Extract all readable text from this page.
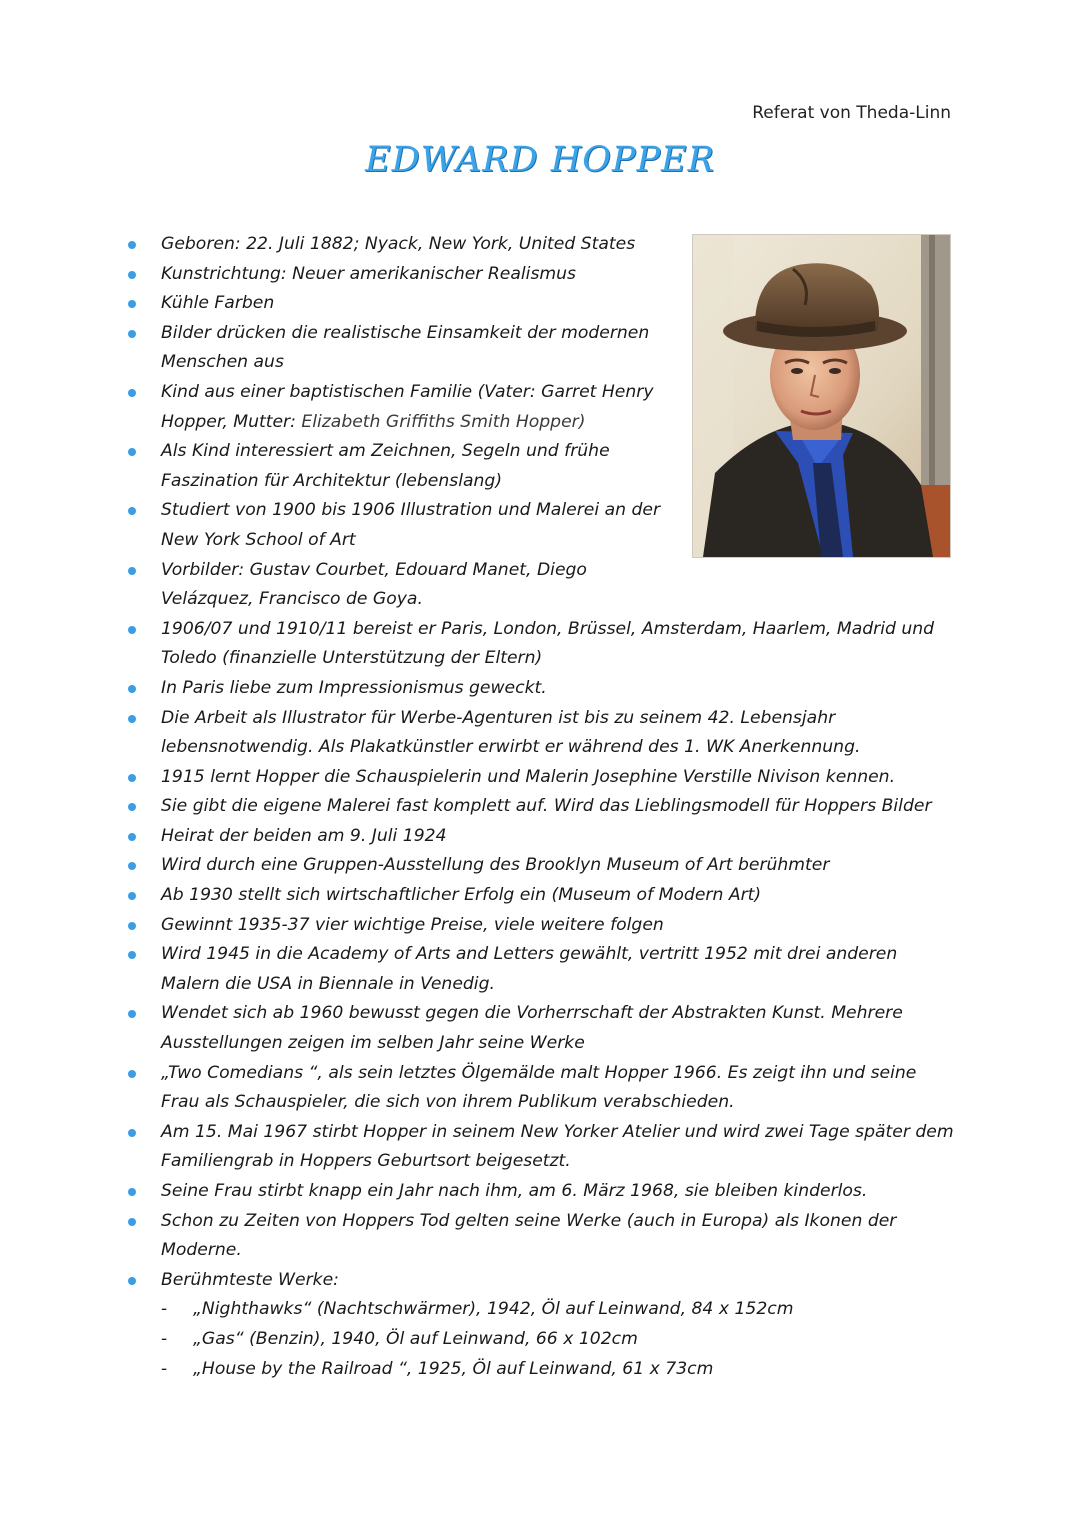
Referat von Theda-Linn

EDWARD HOPPER
Geboren: 22. Juli 1882; Nyack, New York, United States
Kunstrichtung: Neuer amerikanischer Realismus
Kühle Farben
Bilder drücken die realistische Einsamkeit der modernen Menschen aus
Kind aus einer baptistischen Familie (Vater: Garret Henry Hopper, Mutter: Elizabeth Griffiths Smith Hopper)
Als Kind interessiert am Zeichnen, Segeln und frühe Faszination für Architektur (lebenslang)
Studiert von 1900 bis 1906 Illustration und Malerei an der New York School of Art
Vorbilder: Gustav Courbet, Edouard Manet, Diego Velázquez, Francisco de Goya.
1906/07 und 1910/11 bereist er Paris, London, Brüssel, Amsterdam, Haarlem, Madrid und Toledo (finanzielle Unterstützung der Eltern)
In Paris liebe zum Impressionismus geweckt.
Die Arbeit als Illustrator für Werbe-Agenturen ist bis zu seinem 42. Lebensjahr lebensnotwendig. Als Plakatkünstler erwirbt er während des 1. WK Anerkennung.
1915 lernt Hopper die Schauspielerin und Malerin Josephine Verstille Nivison kennen.
Sie gibt die eigene Malerei fast komplett auf. Wird das Lieblingsmodell für Hoppers Bilder
Heirat der beiden am 9. Juli 1924
Wird durch eine Gruppen-Ausstellung des Brooklyn Museum of Art berühmter
Ab 1930 stellt sich wirtschaftlicher Erfolg ein (Museum of Modern Art)
Gewinnt 1935-37 vier wichtige Preise, viele weitere folgen
Wird 1945 in die Academy of Arts and Letters gewählt, vertritt 1952 mit drei anderen Malern die USA in Biennale in Venedig.
Wendet sich ab 1960 bewusst gegen die Vorherrschaft der Abstrakten Kunst. Mehrere Ausstellungen zeigen im selben Jahr seine Werke
„Two Comedians “, als sein letztes Ölgemälde malt Hopper 1966. Es zeigt ihn und seine Frau als Schauspieler, die sich von ihrem Publikum verabschieden.
Am 15. Mai 1967 stirbt Hopper in seinem New Yorker Atelier und wird zwei Tage später dem Familiengrab in Hoppers Geburtsort beigesetzt.
Seine Frau stirbt knapp ein Jahr nach ihm, am 6. März 1968, sie bleiben kinderlos.
Schon zu Zeiten von Hoppers Tod gelten seine Werke (auch in Europa) als Ikonen der Moderne.
Berühmteste Werke:
- „Nighthawks“ (Nachtschwärmer), 1942, Öl auf Leinwand, 84 x 152cm
- „Gas“ (Benzin), 1940, Öl auf Leinwand, 66 x 102cm
- „House by the Railroad “, 1925, Öl auf Leinwand, 61 x 73cm
